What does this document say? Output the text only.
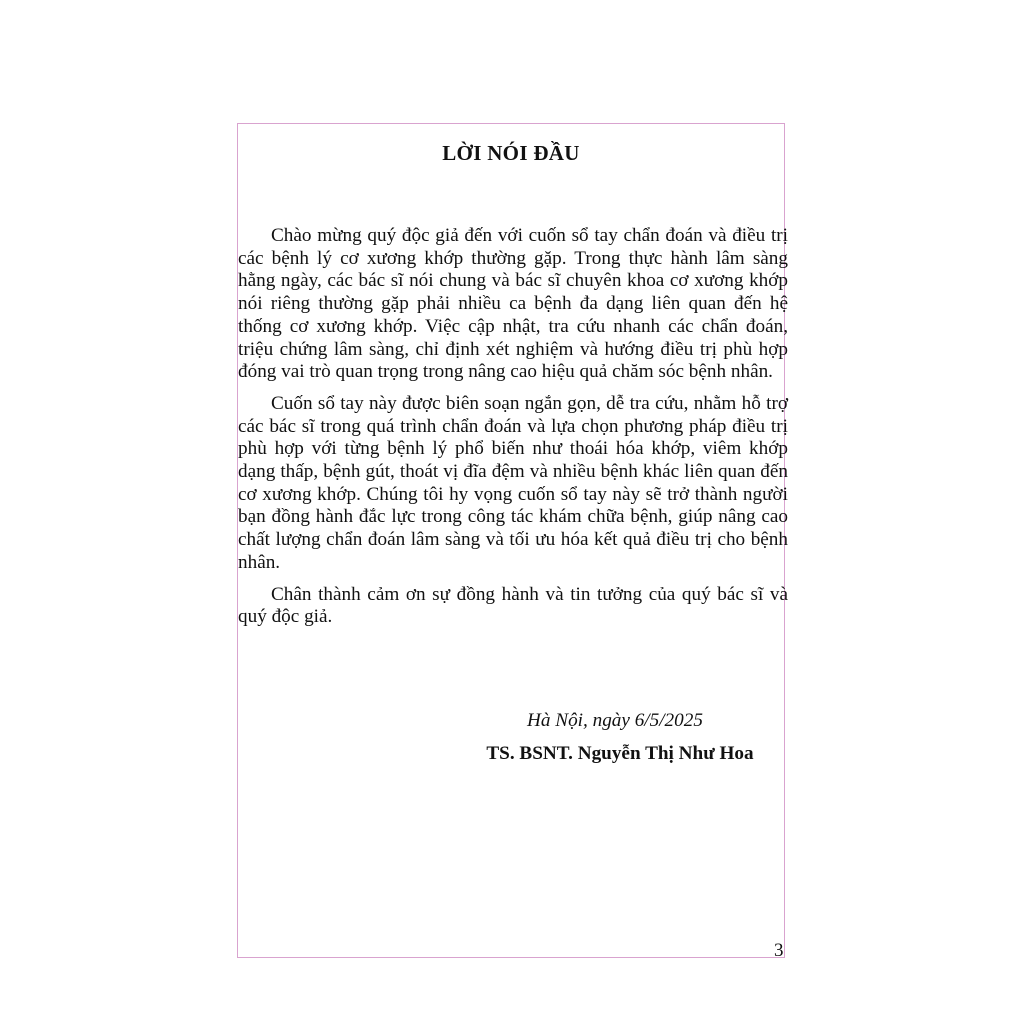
LỜI NÓI ĐẦU

Chào mừng quý độc giả đến với cuốn sổ tay chẩn đoán và điều trị các bệnh lý cơ xương khớp thường gặp. Trong thực hành lâm sàng hằng ngày, các bác sĩ nói chung và bác sĩ chuyên khoa cơ xương khớp nói riêng thường gặp phải nhiều ca bệnh đa dạng liên quan đến hệ thống cơ xương khớp. Việc cập nhật, tra cứu nhanh các chẩn đoán, triệu chứng lâm sàng, chỉ định xét nghiệm và hướng điều trị phù hợp đóng vai trò quan trọng trong nâng cao hiệu quả chăm sóc bệnh nhân.

Cuốn sổ tay này được biên soạn ngắn gọn, dễ tra cứu, nhằm hỗ trợ các bác sĩ trong quá trình chẩn đoán và lựa chọn phương pháp điều trị phù hợp với từng bệnh lý phổ biến như thoái hóa khớp, viêm khớp dạng thấp, bệnh gút, thoát vị đĩa đệm và nhiều bệnh khác liên quan đến cơ xương khớp. Chúng tôi hy vọng cuốn sổ tay này sẽ trở thành người bạn đồng hành đắc lực trong công tác khám chữa bệnh, giúp nâng cao chất lượng chẩn đoán lâm sàng và tối ưu hóa kết quả điều trị cho bệnh nhân.

Chân thành cảm ơn sự đồng hành và tin tưởng của quý bác sĩ và quý độc giả.

Hà Nội, ngày 6/5/2025

TS. BSNT. Nguyễn Thị Như Hoa

3
